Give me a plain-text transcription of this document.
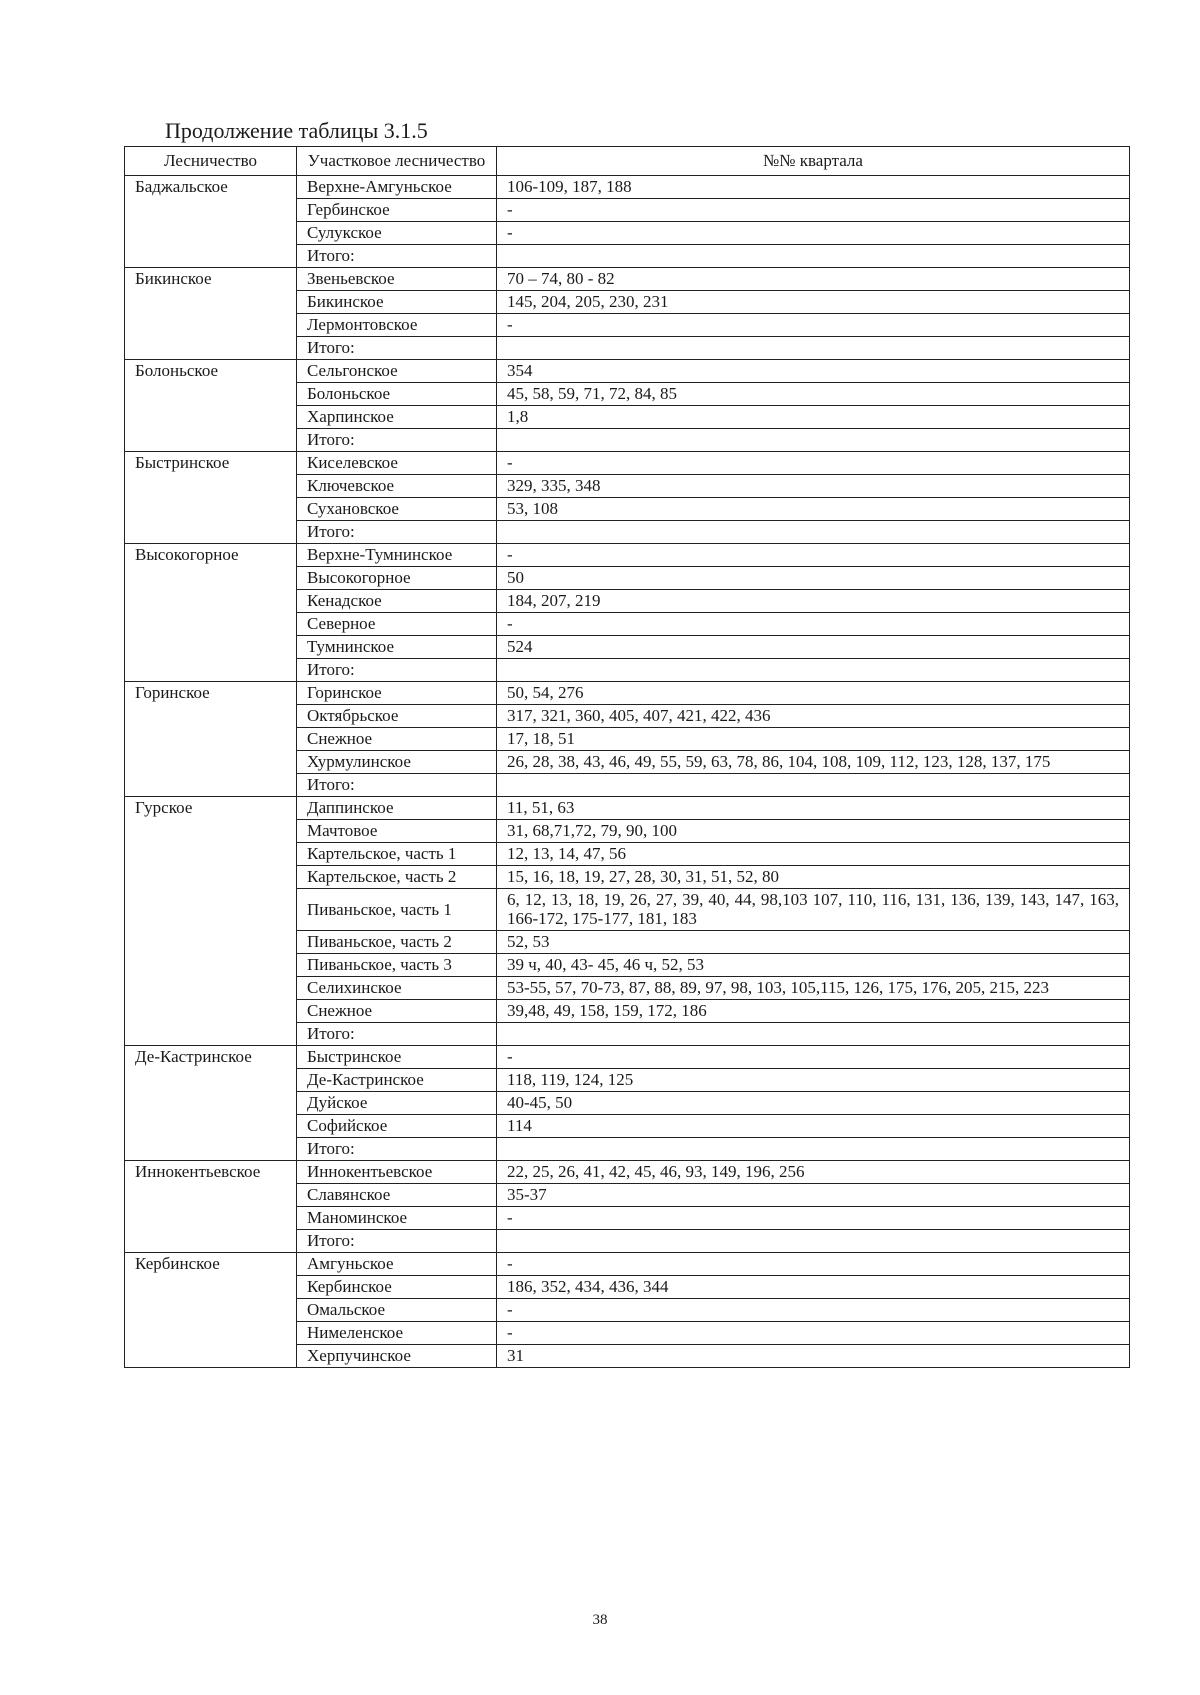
Продолжение таблицы 3.1.5
Лесничество	Участковое лесничество	№№ квартала
Баджальское	Верхне-Амгуньское	106-109, 187, 188
	Гербинское	-
	Сулукское	-
	Итого:	
Бикинское	Звеньевское	70 – 74, 80 - 82
	Бикинское	145, 204, 205, 230, 231
	Лермонтовское	-
	Итого:	
Болоньское	Сельгонское	354
	Болоньское	45, 58, 59, 71, 72, 84, 85
	Харпинское	1,8
	Итого:	
Быстринское	Киселевское	-
	Ключевское	329, 335, 348
	Сухановское	53, 108
	Итого:	
Высокогорное	Верхне-Тумнинское	-
	Высокогорное	50
	Кенадское	184, 207, 219
	Северное	-
	Тумнинское	524
	Итого:	
Горинское	Горинское	50, 54, 276
	Октябрьское	317, 321, 360, 405, 407, 421, 422, 436
	Снежное	17, 18, 51
	Хурмулинское	26, 28, 38, 43, 46, 49, 55, 59, 63, 78, 86, 104, 108, 109, 112, 123, 128, 137, 175
	Итого:	
Гурское	Даппинское	11, 51, 63
	Мачтовое	31, 68,71,72, 79, 90, 100
	Картельское, часть 1	12, 13, 14, 47, 56
	Картельское, часть 2	15, 16, 18, 19, 27, 28, 30, 31, 51, 52, 80
	Пиваньское, часть 1	6, 12, 13, 18, 19, 26, 27, 39, 40, 44, 98,103 107, 110, 116, 131, 136, 139, 143, 147, 163, 166-172, 175-177, 181, 183
	Пиваньское, часть 2	52, 53
	Пиваньское, часть 3	39 ч, 40, 43- 45, 46 ч, 52, 53
	Селихинское	53-55, 57, 70-73, 87, 88, 89, 97, 98, 103, 105,115, 126, 175, 176, 205, 215, 223
	Снежное	39,48, 49, 158, 159, 172, 186
	Итого:	
Де-Кастринское	Быстринское	-
	Де-Кастринское	118, 119, 124, 125
	Дуйское	40-45, 50
	Софийское	114
	Итого:	
Иннокентьевское	Иннокентьевское	22, 25, 26, 41, 42, 45, 46, 93, 149, 196, 256
	Славянское	35-37
	Маноминское	-
	Итого:	
Кербинское	Амгуньское	-
	Кербинское	186, 352, 434, 436, 344
	Омальское	-
	Нимеленское	-
	Херпучинское	31
38
